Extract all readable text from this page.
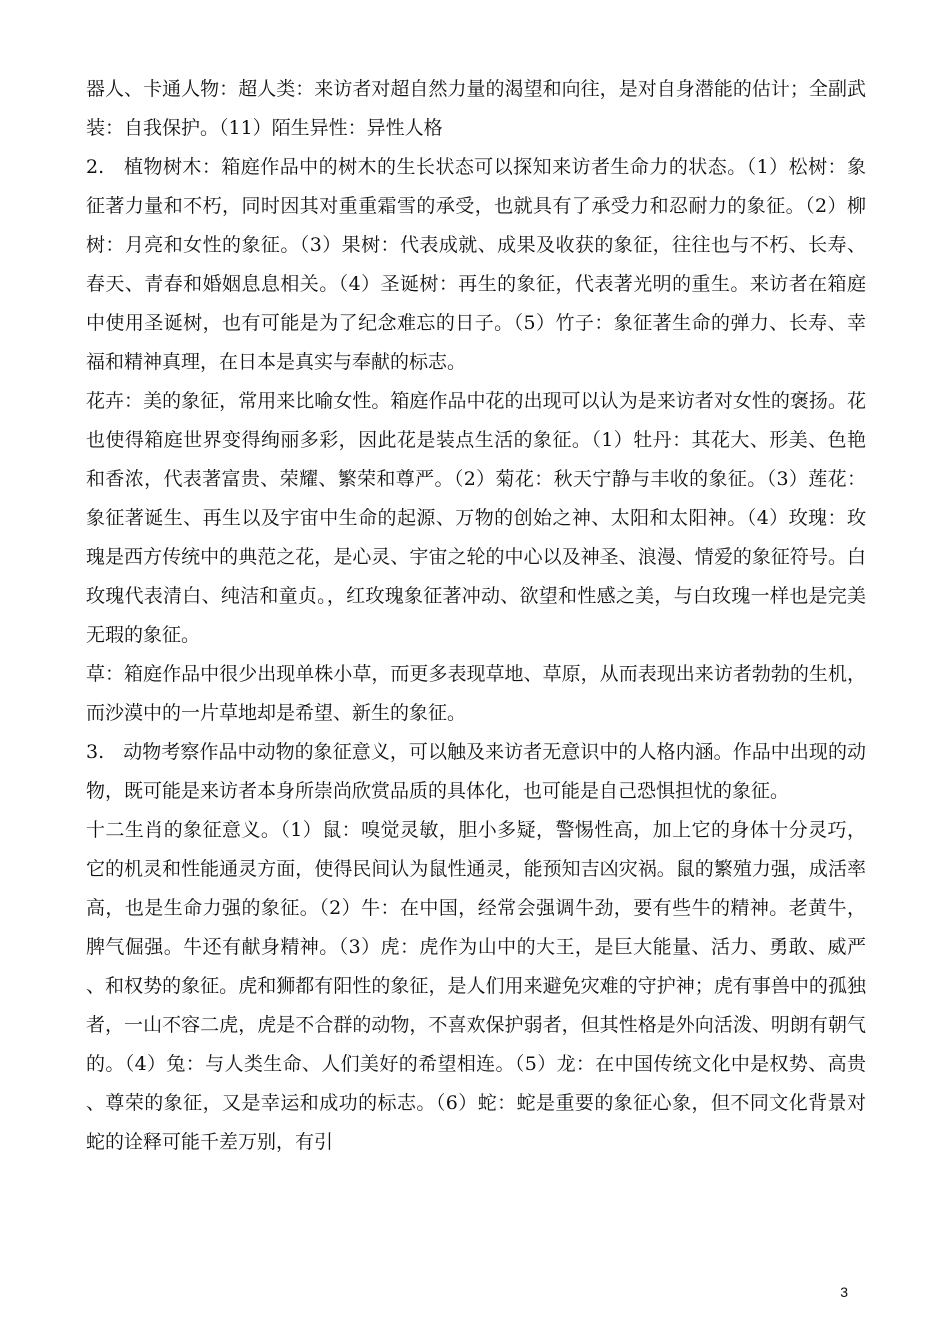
器人、卡通人物：超人类：来访者对超自然力量的渴望和向往，是对自身潜能的估计；全副武装：自我保护。（11）陌生异性：异性人格

2.　植物树木：箱庭作品中的树木的生长状态可以探知来访者生命力的状态。（1）松树：象征著力量和不朽，同时因其对重重霜雪的承受，也就具有了承受力和忍耐力的象征。（2）柳树：月亮和女性的象征。（3）果树：代表成就、成果及收获的象征，往往也与不朽、长寿、春天、青春和婚姻息息相关。（4）圣诞树：再生的象征，代表著光明的重生。来访者在箱庭中使用圣诞树，也有可能是为了纪念难忘的日子。（5）竹子：象征著生命的弹力、长寿、幸福和精神真理，在日本是真实与奉献的标志。

花卉：美的象征，常用来比喻女性。箱庭作品中花的出现可以认为是来访者对女性的褒扬。花也使得箱庭世界变得绚丽多彩，因此花是装点生活的象征。（1）牡丹：其花大、形美、色艳和香浓，代表著富贵、荣耀、繁荣和尊严。（2）菊花：秋天宁静与丰收的象征。（3）莲花：象征著诞生、再生以及宇宙中生命的起源、万物的创始之神、太阳和太阳神。（4）玫瑰：玫瑰是西方传统中的典范之花，是心灵、宇宙之轮的中心以及神圣、浪漫、情爱的象征符号。白玫瑰代表清白、纯洁和童贞。，红玫瑰象征著冲动、欲望和性感之美，与白玫瑰一样也是完美无瑕的象征。

草：箱庭作品中很少出现单株小草，而更多表现草地、草原，从而表现出来访者勃勃的生机，而沙漠中的一片草地却是希望、新生的象征。

3.　动物考察作品中动物的象征意义，可以触及来访者无意识中的人格内涵。作品中出现的动物，既可能是来访者本身所崇尚欣赏品质的具体化，也可能是自己恐惧担忧的象征。

十二生肖的象征意义。（1）鼠：嗅觉灵敏，胆小多疑，警惕性高，加上它的身体十分灵巧，它的机灵和性能通灵方面，使得民间认为鼠性通灵，能预知吉凶灾祸。鼠的繁殖力强，成活率高，也是生命力强的象征。（2）牛：在中国，经常会强调牛劲，要有些牛的精神。老黄牛，脾气倔强。牛还有献身精神。（3）虎：虎作为山中的大王，是巨大能量、活力、勇敢、威严、和权势的象征。虎和狮都有阳性的象征，是人们用来避免灾难的守护神；虎有事兽中的孤独者，一山不容二虎，虎是不合群的动物，不喜欢保护弱者，但其性格是外向活泼、明朗有朝气的。（4）兔：与人类生命、人们美好的希望相连。（5）龙：在中国传统文化中是权势、高贵、尊荣的象征，又是幸运和成功的标志。（6）蛇：蛇是重要的象征心象，但不同文化背景对蛇的诠释可能千差万别，有引

3
